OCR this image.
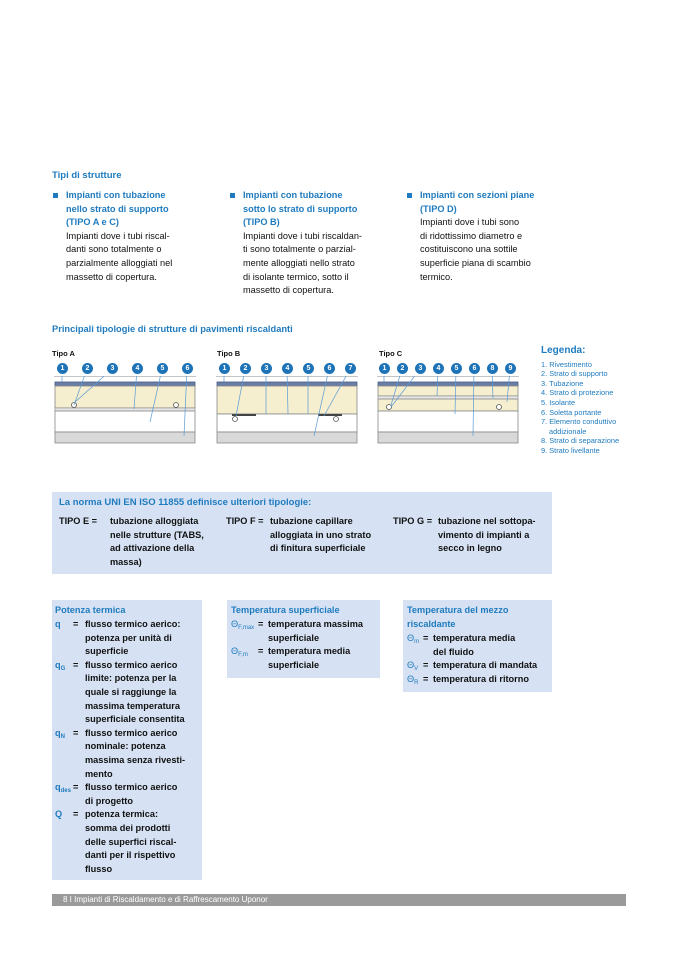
Tipi di strutture
Impianti con tubazione
nello strato di supporto
(TIPO A e C)
Impianti dove i tubi riscal-
danti sono totalmente o
parzialmente alloggiati nel
massetto di copertura.
Impianti con tubazione
sotto lo strato di supporto
(TIPO B)
Impianti dove i tubi riscaldan-
ti sono totalmente o parzial-
mente alloggiati nello strato
di isolante termico, sotto il
massetto di copertura.
Impianti con sezioni piane
(TIPO D)
Impianti dove i tubi sono
di ridottissimo diametro e
costituiscono una sottile
superficie piana di scambio
termico.
Principali tipologie di strutture di pavimenti riscaldanti
Tipo A
1	2	3	4	5	6
Tipo B
1	2	3	4	5	6	7
Tipo C
1	2	3	4	5	6	8	9
Legenda:
1. Rivestimento
2. Strato di supporto
3. Tubazione
4. Strato di protezione
5. Isolante
6. Soletta portante
7. Elemento conduttivo
addizionale
8. Strato di separazione
9. Strato livellante
La norma UNI EN ISO 11855 definisce ulteriori tipologie:
TIPO E = tubazione alloggiata
nelle strutture (TABS,
ad attivazione della
massa)
TIPO F = tubazione capillare
alloggiata in uno strato
di finitura superficiale
TIPO G = tubazione nel sottopa-
vimento di impianti a
secco in legno
Potenza termica
q = flusso termico aerico:
potenza per unità di
superficie
$q_G$ = flusso termico aerico
limite: potenza per la
quale si raggiunge la
massima temperatura
superficiale consentita
$q_N$ = flusso termico aerico
nominale: potenza
massima senza rivesti-
mento
$q_{des}$ = flusso termico aerico
di progetto
Q = potenza termica:
somma dei prodotti
delle superfici riscal-
danti per il rispettivo
flusso
Temperatura superficiale
$\Theta_{F,max}$ = temperatura massima
superficiale
$\Theta_{F,m}$ = temperatura media
superficiale
Temperatura del mezzo
riscaldante
$\Theta_m$ = temperatura media
del fluido
$\Theta_V$ = temperatura di mandata
$\Theta_R$ = temperatura di ritorno
8 I Impianti di Riscaldamento e di Raffrescamento Uponor
